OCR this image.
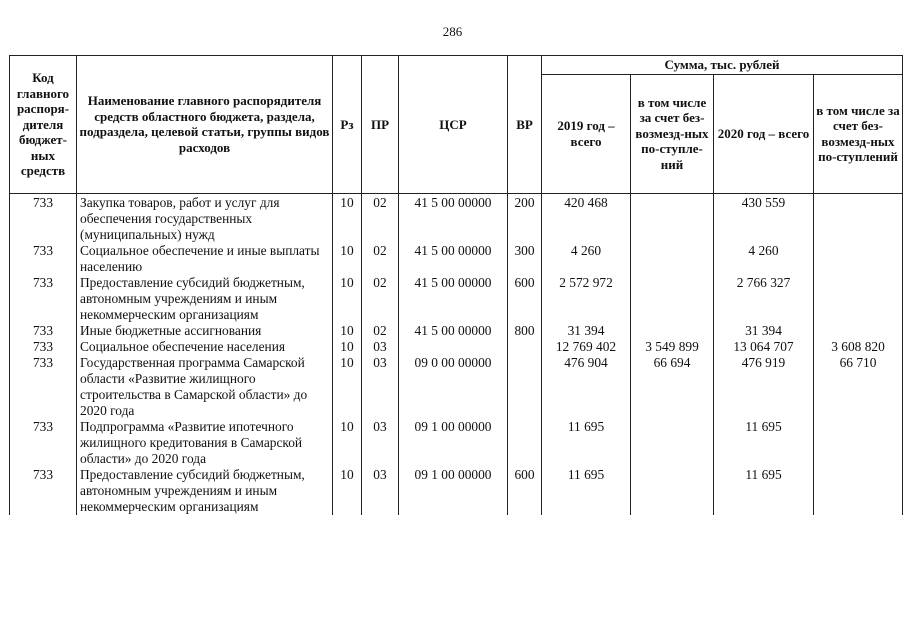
286
Код главного распоря-дителя бюджет-ных средств	Наименование главного распорядителя средств областного бюджета, раздела, подраздела, целевой статьи, группы видов расходов	Рз	ПР	ЦСР	ВР	Сумма, тыс. рублей			
						2019 год – всего	в том числе за счет без-возмезд-ных по-ступле-ний	2020 год – всего	в том числе за счет без-возмезд-ных по-ступлений
733	Закупка товаров, работ и услуг для обеспечения государственных (муниципальных) нужд	10	02	41 5 00 00000	200	420 468		430 559	
733	Социальное обеспечение и иные выплаты населению	10	02	41 5 00 00000	300	4 260		4 260	
733	Предоставление субсидий бюджетным, автономным учреждениям и иным некоммерческим организациям	10	02	41 5 00 00000	600	2 572 972		2 766 327	
733	Иные бюджетные ассигнования	10	02	41 5 00 00000	800	31 394		31 394	
733	Социальное обеспечение населения	10	03			12 769 402	3 549 899	13 064 707	3 608 820
733	Государственная программа Самарской области «Развитие жилищного строительства в Самарской области» до 2020 года	10	03	09 0 00 00000		476 904	66 694	476 919	66 710
733	Подпрограмма «Развитие ипотечного жилищного кредитования в Самарской области» до 2020 года	10	03	09 1 00 00000		11 695		11 695	
733	Предоставление субсидий бюджетным, автономным учреждениям и иным некоммерческим организациям	10	03	09 1 00 00000	600	11 695		11 695	
